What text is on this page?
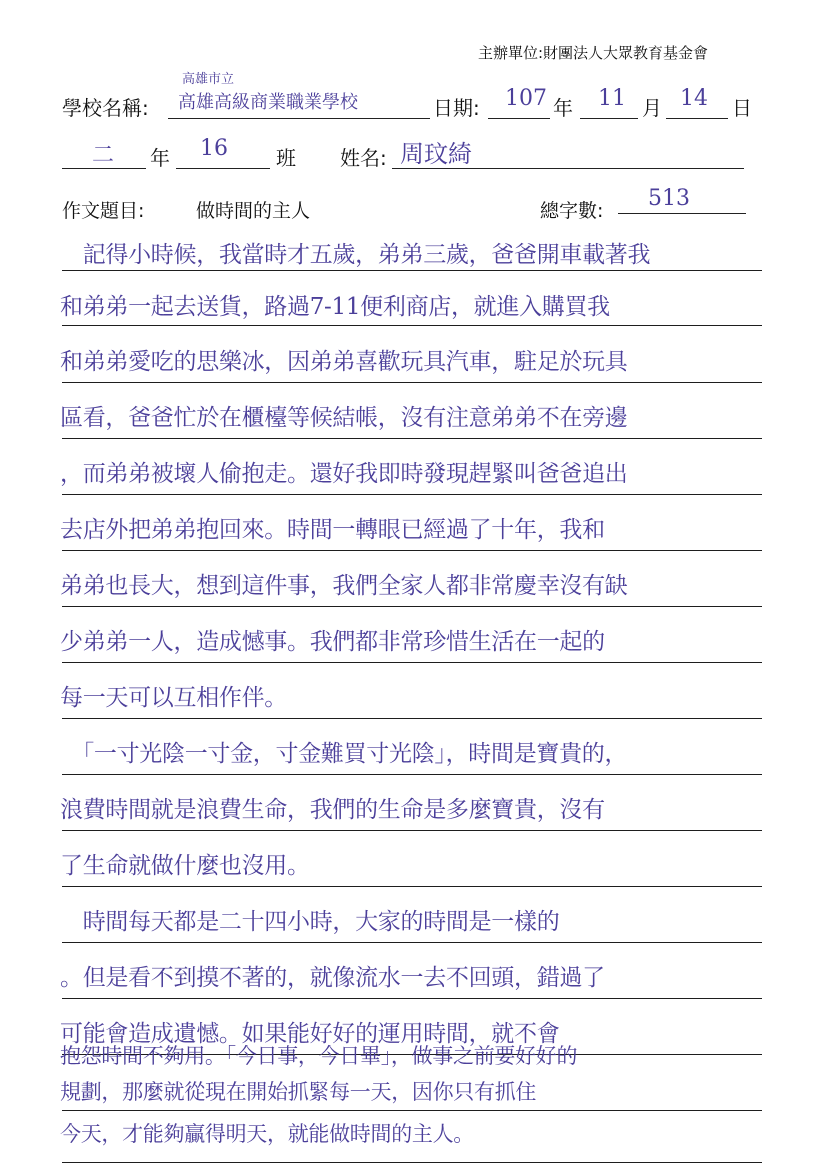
主辦單位:財團法人大眾教育基金會
學校名稱:
高雄市立
高雄高級商業職業學校	日期: 107 年 11 月 14 日
二 年 16 班 姓名: 周玟綺
作文題目:	做時間的主人	總字數: 513
　記得小時候，我當時才五歲，弟弟三歲，爸爸開車載著我
和弟弟一起去送貨，路過7-11便利商店，就進入購買我
和弟弟愛吃的思樂冰，因弟弟喜歡玩具汽車，駐足於玩具
區看，爸爸忙於在櫃檯等候結帳，沒有注意弟弟不在旁邊
，而弟弟被壞人偷抱走。還好我即時發現趕緊叫爸爸追出
去店外把弟弟抱回來。時間一轉眼已經過了十年，我和
弟弟也長大，想到這件事，我們全家人都非常慶幸沒有缺
少弟弟一人，造成憾事。我們都非常珍惜生活在一起的
每一天可以互相作伴。
　「一寸光陰一寸金，寸金難買寸光陰」，時間是寶貴的，
浪費時間就是浪費生命，我們的生命是多麼寶貴，沒有
了生命就做什麼也沒用。
　時間每天都是二十四小時，大家的時間是一樣的
。但是看不到摸不著的，就像流水一去不回頭，錯過了
可能會造成遺憾。如果能好好的運用時間，就不會
抱怨時間不夠用。「今日事，今日畢」，做事之前要好好的
規劃，那麼就從現在開始抓緊每一天，因你只有抓住
今天，才能夠贏得明天，就能做時間的主人。
